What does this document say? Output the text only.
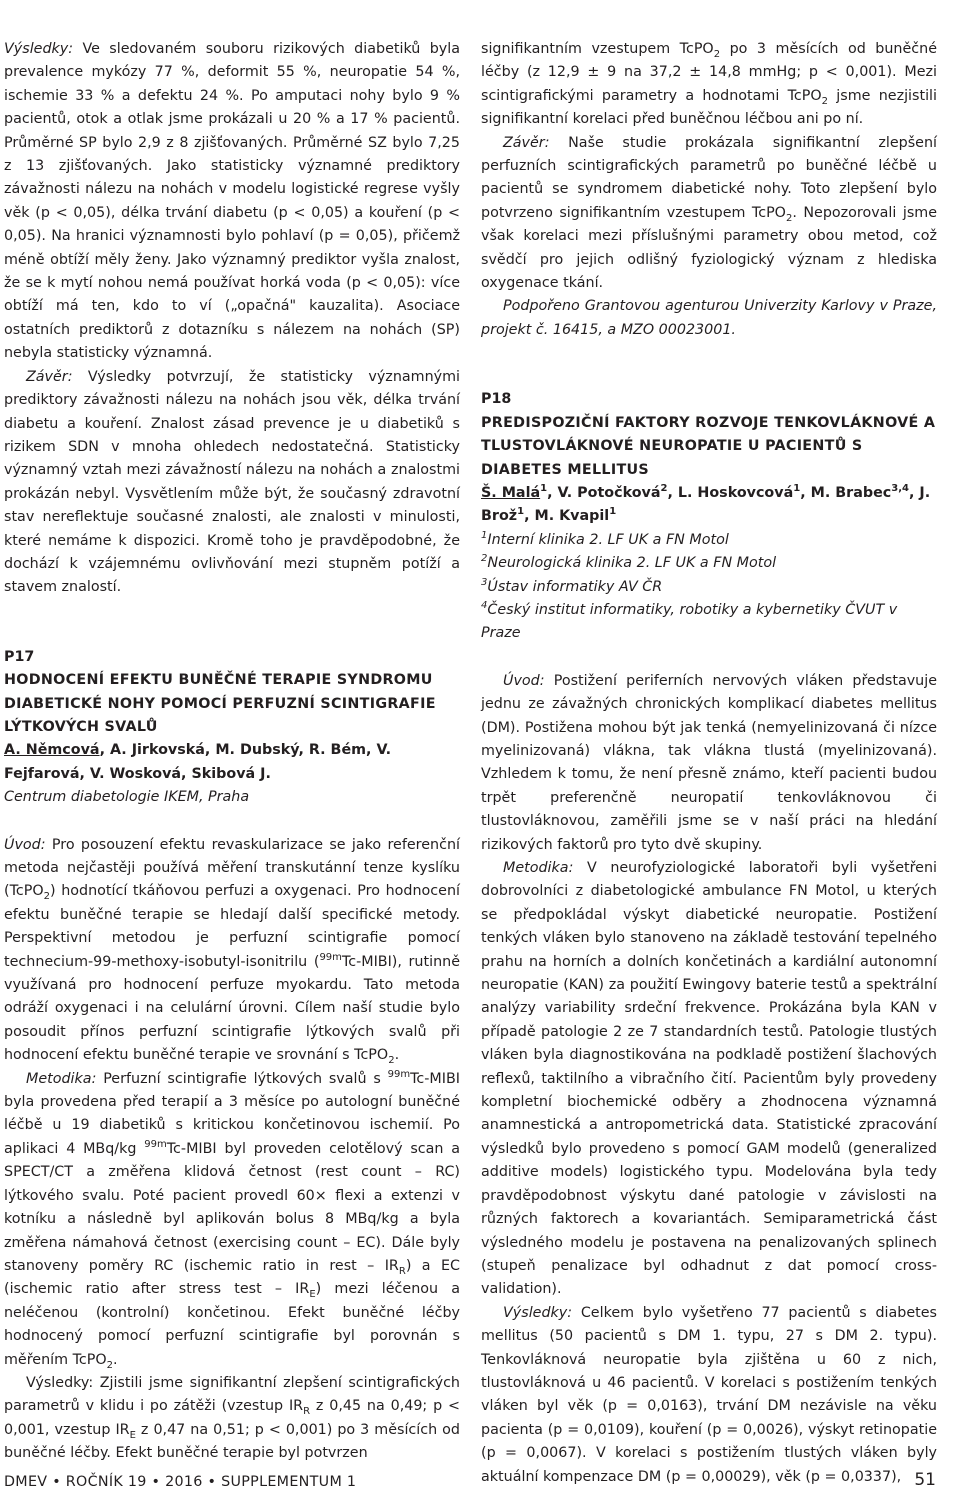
Výsledky: Ve sledovaném souboru rizikových diabetiků byla prevalence mykózy 77 %, deformit 55 %, neuropatie 54 %, ischemie 33 % a defektu 24 %. Po amputaci nohy bylo 9 % pacientů, otok a otlak jsme prokázali u 20 % a 17 % pacientů. Průměrné SP bylo 2,9 z 8 zjišťovaných. Průměrné SZ bylo 7,25 z 13 zjišťovaných. Jako statisticky významné prediktory závažnosti nálezu na nohách v modelu logistické regrese vyšly věk (p < 0,05), délka trvání diabetu (p < 0,05) a kouření (p < 0,05). Na hranici významnosti bylo pohlaví (p = 0,05), přičemž méně obtíží měly ženy. Jako významný prediktor vyšla znalost, že se k mytí nohou nemá používat horká voda (p < 0,05): více obtíží má ten, kdo to ví („opačná" kauzalita). Asociace ostatních prediktorů z dotazníku s nálezem na nohách (SP) nebyla statisticky významná.

Závěr: Výsledky potvrzují, že statisticky významnými prediktory závažnosti nálezu na nohách jsou věk, délka trvání diabetu a kouření. Znalost zásad prevence je u diabetiků s rizikem SDN v mnoha ohledech nedostatečná. Statisticky významný vztah mezi závažností nálezu na nohách a znalostmi prokázán nebyl. Vysvětlením může být, že současný zdravotní stav nereflektuje současné znalosti, ale znalosti v minulosti, které nemáme k dispozici. Kromě toho je pravděpodobné, že dochází k vzájemnému ovlivňování mezi stupněm potíží a stavem znalostí.

P17

HODNOCENÍ EFEKTU BUNĚČNÉ TERAPIE SYNDROMU DIABETICKÉ NOHY POMOCÍ PERFUZNÍ SCINTIGRAFIE LÝTKOVÝCH SVALŮ

A. Němcová, A. Jirkovská, M. Dubský, R. Bém, V. Fejfarová, V. Wosková, Skibová J.

Centrum diabetologie IKEM, Praha

Úvod: Pro posouzení efektu revaskularizace se jako referenční metoda nejčastěji používá měření transkutánní tenze kyslíku (TcPO$_2$) hodnotící tkáňovou perfuzi a oxygenaci. Pro hodnocení efektu buněčné terapie se hledají další specifické metody. Perspektivní metodou je perfuzní scintigrafie pomocí technecium-99-methoxy-isobutyl-isonitrilu ($^{99m}$Tc-MIBI), rutinně využívaná pro hodnocení perfuze myokardu. Tato metoda odráží oxygenaci i na celulární úrovni. Cílem naší studie bylo posoudit přínos perfuzní scintigrafie lýtkových svalů při hodnocení efektu buněčné terapie ve srovnání s TcPO$_2$.

Metodika: Perfuzní scintigrafie lýtkových svalů s $^{99m}$Tc-MIBI byla provedena před terapií a 3 měsíce po autologní buněčné léčbě u 19 diabetiků s kritickou končetinovou ischemií. Po aplikaci 4 MBq/kg $^{99m}$Tc-MIBI byl proveden celotělový scan a SPECT/CT a změřena klidová četnost (rest count – RC) lýtkového svalu. Poté pacient provedl 60× flexi a extenzi v kotníku a následně byl aplikován bolus 8 MBq/kg a byla změřena námahová četnost (exercising count – EC). Dále byly stanoveny poměry RC (ischemic ratio in rest – $IR_R$) a EC (ischemic ratio after stress test – $IR_E$) mezi léčenou a neléčenou (kontrolní) končetinou. Efekt buněčné léčby hodnocený pomocí perfuzní scintigrafie byl porovnán s měřením TcPO$_2$.

Výsledky: Zjistili jsme signifikantní zlepšení scintigrafických parametrů v klidu i po zátěži (vzestup $IR_R$ z 0,45 na 0,49; p < 0,001, vzestup $IR_E$ z 0,47 na 0,51; p < 0,001) po 3 měsících od buněčné léčby. Efekt buněčné terapie byl potvrzen

signifikantním vzestupem TcPO$_2$ po 3 měsících od buněčné léčby (z 12,9 ± 9 na 37,2 ± 14,8 mmHg; p < 0,001). Mezi scintigrafickými parametry a hodnotami TcPO$_2$ jsme nezjistili signifikantní korelaci před buněčnou léčbou ani po ní.

Závěr: Naše studie prokázala signifikantní zlepšení perfuzních scintigrafických parametrů po buněčné léčbě u pacientů se syndromem diabetické nohy. Toto zlepšení bylo potvrzeno signifikantním vzestupem TcPO$_2$. Nepozorovali jsme však korelaci mezi příslušnými parametry obou metod, což svědčí pro jejich odlišný fyziologický význam z hlediska oxygenace tkání.

Podpořeno Grantovou agenturou Univerzity Karlovy v Praze, projekt č. 16415, a MZO 00023001.

P18

PREDISPOZIČNÍ FAKTORY ROZVOJE TENKOVLÁKNOVÉ A TLUSTOVLÁKNOVÉ NEUROPATIE U PACIENTŮ S DIABETES MELLITUS

Š. Malá$^1$, V. Potočková$^2$, L. Hoskovcová$^1$, M. Brabec$^{3,4}$, J. Brož$^1$, M. Kvapil$^1$

$^1$Interní klinika 2. LF UK a FN Motol

$^2$Neurologická klinika 2. LF UK a FN Motol

$^3$Ústav informatiky AV ČR

$^4$Český institut informatiky, robotiky a kybernetiky ČVUT v Praze

Úvod: Postižení periferních nervových vláken představuje jednu ze závažných chronických komplikací diabetes mellitus (DM). Postižena mohou být jak tenká (nemyelinizovaná či nízce myelinizovaná) vlákna, tak vlákna tlustá (myelinizovaná). Vzhledem k tomu, že není přesně známo, kteří pacienti budou trpět preferenčně neuropatií tenkovláknovou či tlustovláknovou, zaměřili jsme se v naší práci na hledání rizikových faktorů pro tyto dvě skupiny.

Metodika: V neurofyziologické laboratoři byli vyšetřeni dobrovolníci z diabetologické ambulance FN Motol, u kterých se předpokládal výskyt diabetické neuropatie. Postižení tenkých vláken bylo stanoveno na základě testování tepelného prahu na horních a dolních končetinách a kardiální autonomní neuropatie (KAN) za použití Ewingovy baterie testů a spektrální analýzy variability srdeční frekvence. Prokázána byla KAN v případě patologie 2 ze 7 standardních testů. Patologie tlustých vláken byla diagnostikována na podkladě postižení šlachových reflexů, taktilního a vibračního čití. Pacientům byly provedeny kompletní biochemické odběry a zhodnocena významná anamnestická a antropometrická data. Statistické zpracování výsledků bylo provedeno s pomocí GAM modelů (generalized additive models) logistického typu. Modelována byla tedy pravděpodobnost výskytu dané patologie v závislosti na různých faktorech a kovariantách. Semiparametrická část výsledného modelu je postavena na penalizovaných splinech (stupeň penalizace byl odhadnut z dat pomocí cross-validation).

Výsledky: Celkem bylo vyšetřeno 77 pacientů s diabetes mellitus (50 pacientů s DM 1. typu, 27 s DM 2. typu). Tenkovláknová neuropatie byla zjištěna u 60 z nich, tlustovláknová u 46 pacientů. V korelaci s postižením tenkých vláken byl věk (p = 0,0163), trvání DM nezávisle na věku pacienta (p = 0,0109), kouření (p = 0,0026), výskyt retinopatie (p = 0,0067). V korelaci s postižením tlustých vláken byly aktuální kompenzace DM (p = 0,00029), věk (p = 0,0337),

DMEV • ROČNÍK 19 • 2016 • SUPPLEMENTUM 1	51
